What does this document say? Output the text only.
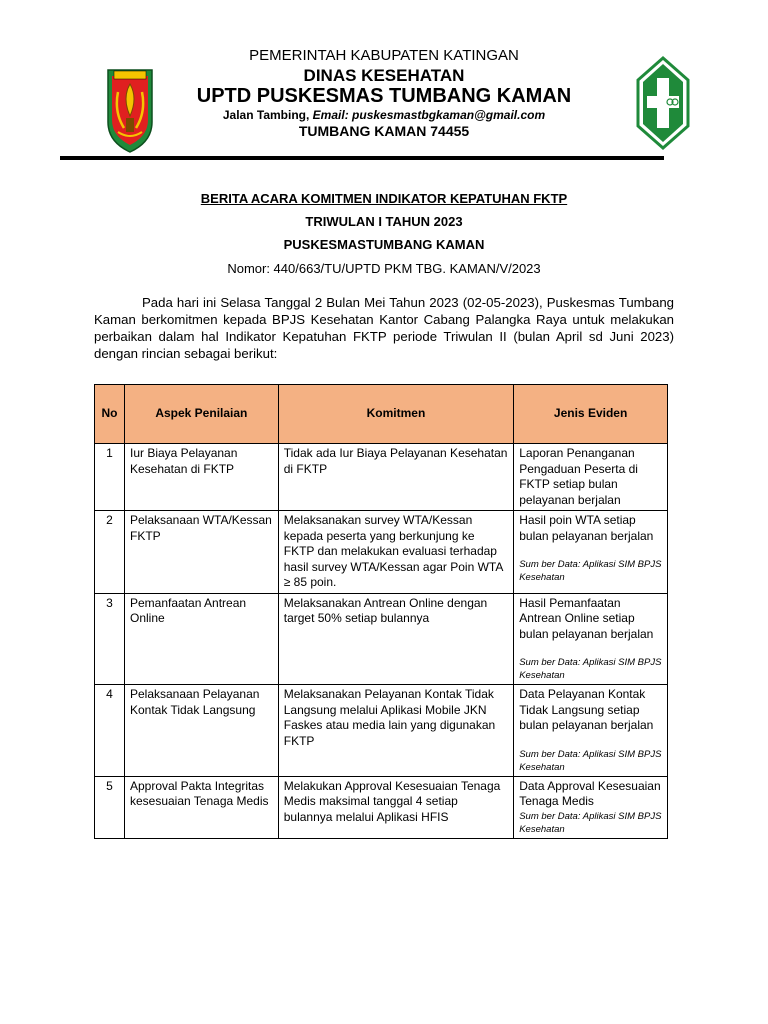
PEMERINTAH KABUPATEN KATINGAN
DINAS KESEHATAN
UPTD PUSKESMAS TUMBANG KAMAN
Jalan Tambing, Email: puskesmastbgkaman@gmail.com
TUMBANG KAMAN 74455
BERITA ACARA KOMITMEN INDIKATOR KEPATUHAN FKTP
TRIWULAN I TAHUN 2023
PUSKESMASTUMBANG KAMAN
Nomor: 440/663/TU/UPTD PKM TBG. KAMAN/V/2023
Pada hari ini Selasa Tanggal 2 Bulan Mei Tahun 2023 (02-05-2023), Puskesmas Tumbang Kaman berkomitmen kepada BPJS Kesehatan Kantor Cabang Palangka Raya untuk melakukan perbaikan dalam hal Indikator Kepatuhan FKTP periode Triwulan II (bulan April sd Juni 2023) dengan rincian sebagai berikut:
No	Aspek Penilaian	Komitmen	Jenis Eviden
1	Iur Biaya Pelayanan Kesehatan di FKTP	Tidak ada Iur Biaya Pelayanan Kesehatan di FKTP	Laporan Penanganan Pengaduan Peserta di FKTP setiap bulan pelayanan berjalan
2	Pelaksanaan WTA/Kessan FKTP	Melaksanakan survey WTA/Kessan kepada peserta yang berkunjung ke FKTP dan melakukan evaluasi terhadap hasil survey WTA/Kessan agar Poin WTA ≥ 85 poin.	Hasil poin WTA setiap bulan pelayanan berjalan
Sum ber Data: Aplikasi SIM BPJS Kesehatan

3	Pemanfaatan Antrean Online	Melaksanakan Antrean Online dengan target 50% setiap bulannya	Hasil Pemanfaatan Antrean Online setiap bulan pelayanan berjalan
Sum ber Data: Aplikasi SIM BPJS Kesehatan

4	Pelaksanaan Pelayanan Kontak Tidak Langsung	Melaksanakan Pelayanan Kontak Tidak Langsung melalui Aplikasi Mobile JKN Faskes atau media lain yang digunakan FKTP	Data Pelayanan Kontak Tidak Langsung setiap bulan pelayanan berjalan
Sum ber Data: Aplikasi SIM BPJS Kesehatan

5	Approval Pakta Integritas kesesuaian Tenaga Medis	Melakukan Approval Kesesuaian Tenaga Medis maksimal tanggal 4 setiap bulannya melalui Aplikasi HFIS	Data Approval Kesesuaian Tenaga Medis
Sum ber Data: Aplikasi SIM BPJS Kesehatan
